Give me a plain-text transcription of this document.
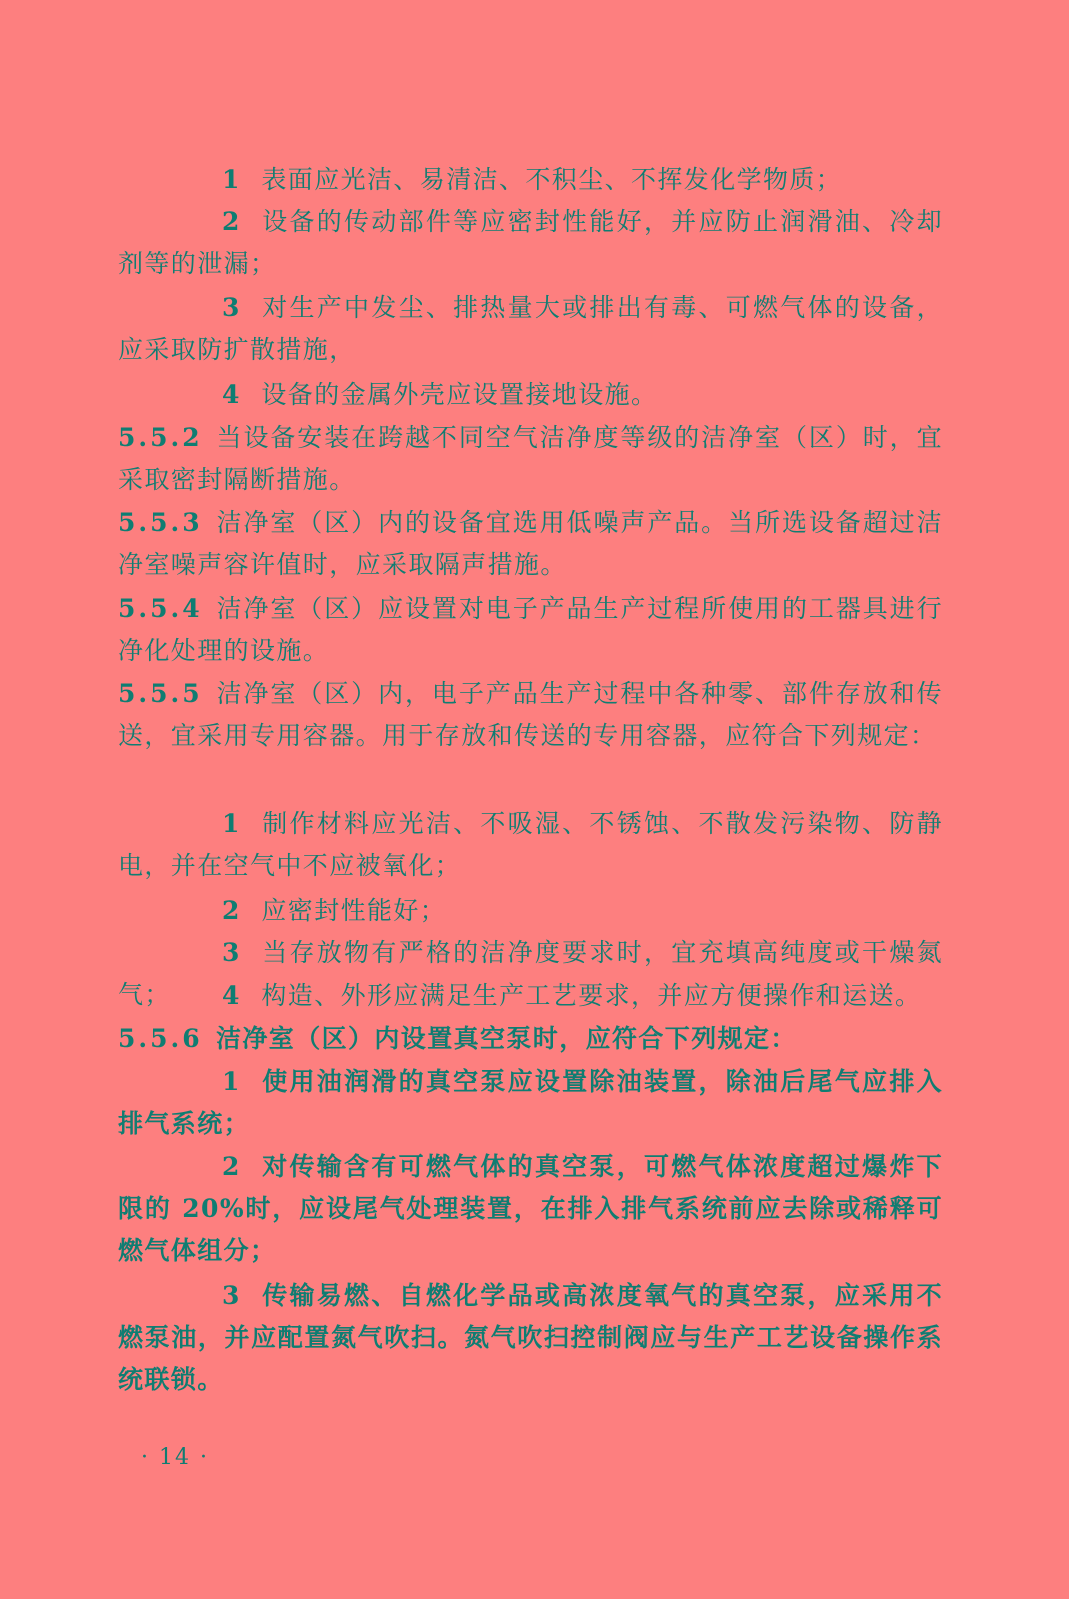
1 表面应光洁、易清洁、不积尘、不挥发化学物质；

2 设备的传动部件等应密封性能好，并应防止润滑油、冷却剂等的泄漏；

3 对生产中发尘、排热量大或排出有毒、可燃气体的设备，应采取防扩散措施，

4 设备的金属外壳应设置接地设施。

5.5.2 当设备安装在跨越不同空气洁净度等级的洁净室（区）时，宜采取密封隔断措施。

5.5.3 洁净室（区）内的设备宜选用低噪声产品。当所选设备超过洁净室噪声容许值时，应采取隔声措施。

5.5.4 洁净室（区）应设置对电子产品生产过程所使用的工器具进行净化处理的设施。

5.5.5 洁净室（区）内，电子产品生产过程中各种零、部件存放和传送，宜采用专用容器。用于存放和传送的专用容器，应符合下列规定：

1 制作材料应光洁、不吸湿、不锈蚀、不散发污染物、防静电，并在空气中不应被氧化；

2 应密封性能好；

3 当存放物有严格的洁净度要求时，宜充填高纯度或干燥氮气；	4 构造、外形应满足生产工艺要求，并应方便操作和运送。

5.5.6 洁净室（区）内设置真空泵时，应符合下列规定：

1 使用油润滑的真空泵应设置除油装置，除油后尾气应排入排气系统；

2 对传输含有可燃气体的真空泵，可燃气体浓度超过爆炸下限的 20%时，应设尾气处理装置，在排入排气系统前应去除或稀释可燃气体组分；

3 传输易燃、自燃化学品或高浓度氧气的真空泵，应采用不燃泵油，并应配置氮气吹扫。氮气吹扫控制阀应与生产工艺设备操作系统联锁。

· 14 ·
